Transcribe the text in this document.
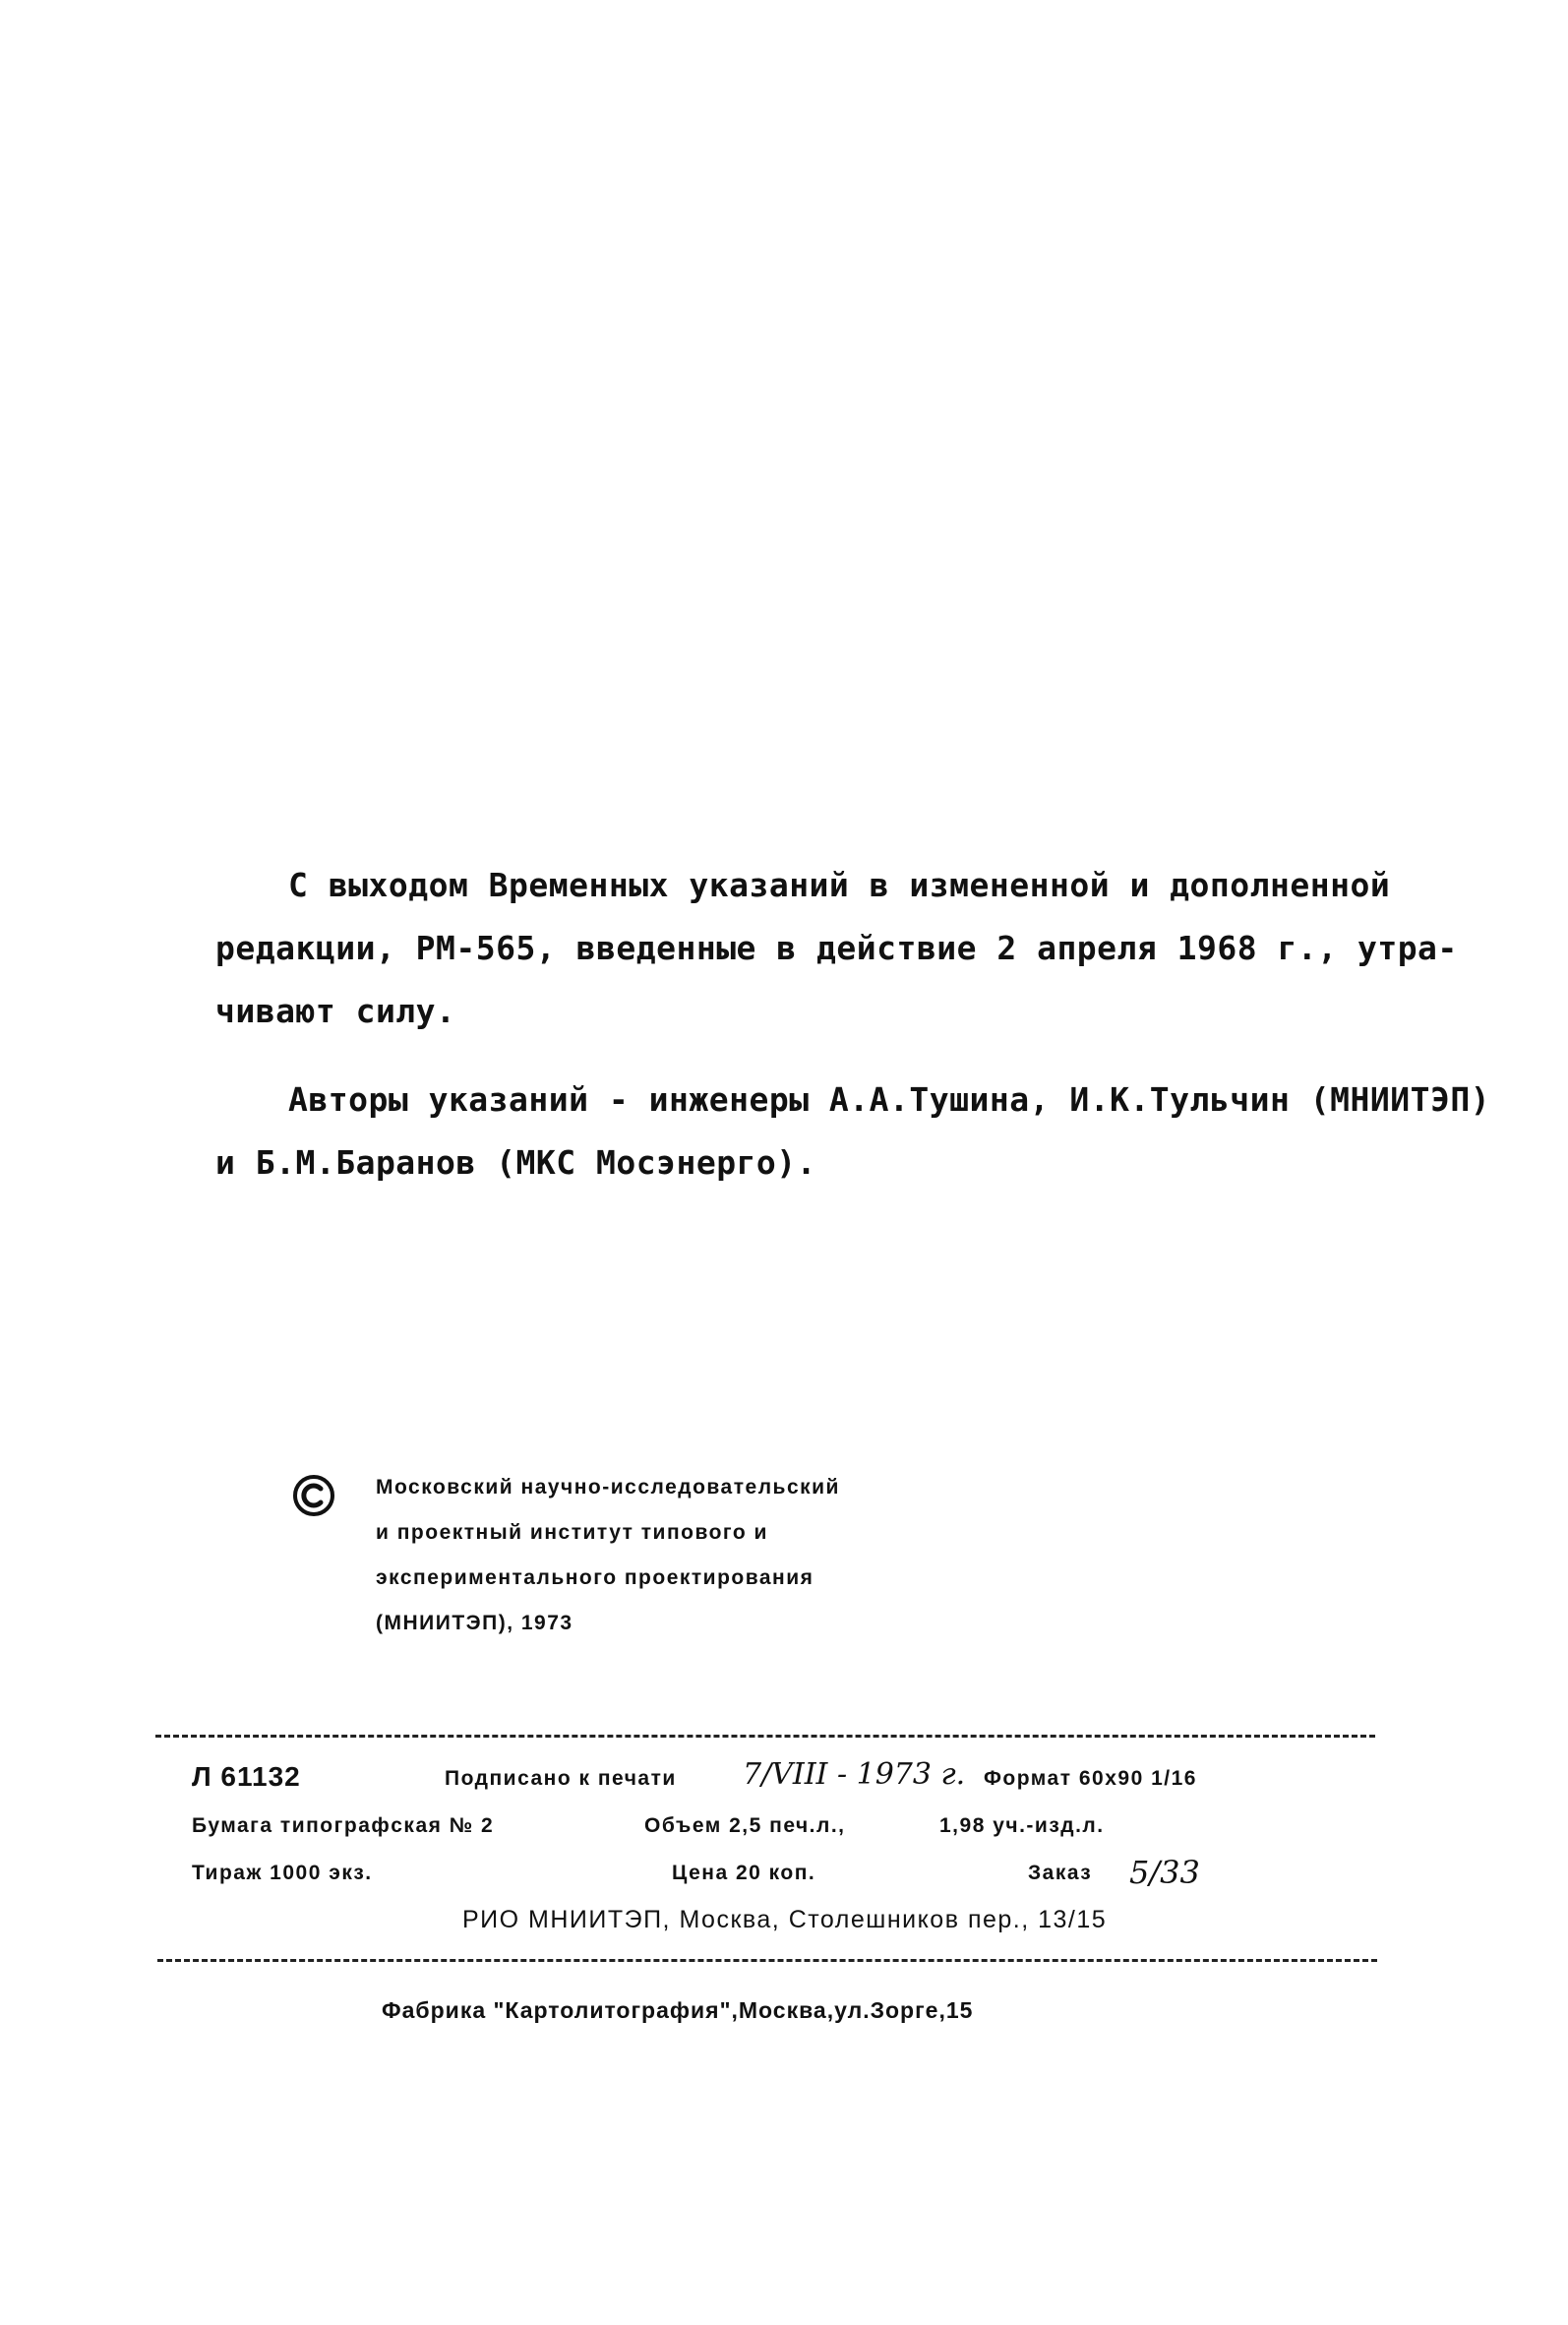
С выходом Временных указаний в измененной и дополненной
редакции, РМ-565, введенные в действие 2 апреля 1968 г., утра-
чивают силу.
Авторы указаний - инженеры А.А.Тушина, И.К.Тульчин (МНИИТЭП)
и Б.М.Баранов (МКС Мосэнерго).
Московский научно-исследовательский
и проектный институт типового и
экспериментального проектирования
(МНИИТЭП), 1973
Л 61132	Подписано к печати 7/VIII - 1973 г. Формат 60х90 1/16
Бумага типографская № 2	Объем 2,5 печ.л.,	1,98 уч.-изд.л.
Тираж 1000 экз.	Цена 20 коп.	Заказ 5/33
РИО МНИИТЭП, Москва, Столешников пер., 13/15
Фабрика "Картолитография",Москва,ул.Зорге,15
